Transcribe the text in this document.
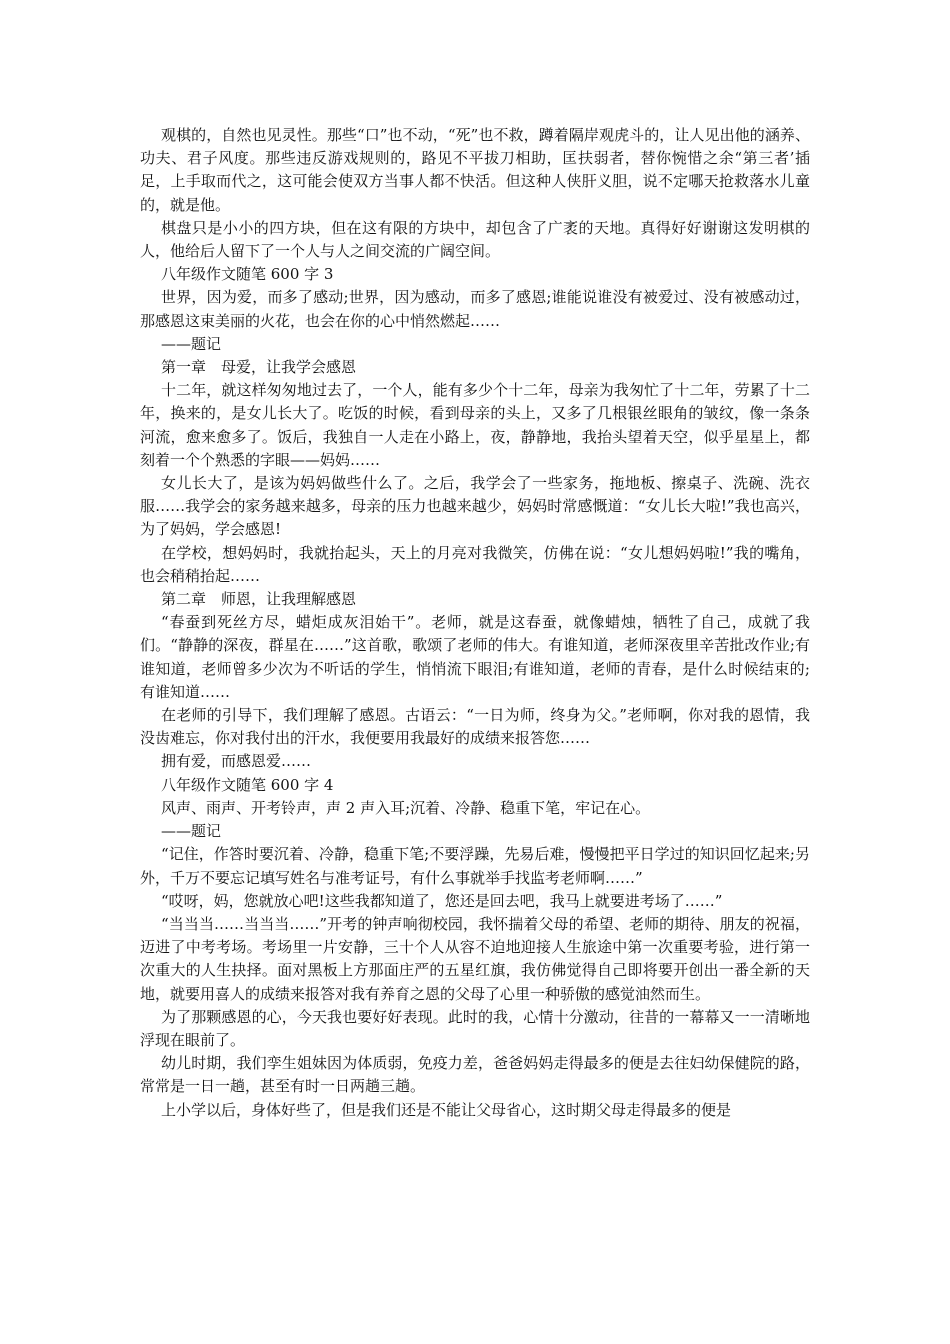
观棋的，自然也见灵性。那些“口”也不动，“死”也不救，蹲着隔岸观虎斗的，让人见出他的涵养、功夫、君子风度。那些违反游戏规则的，路见不平拔刀相助，匡扶弱者，替你惋惜之余“第三者’插足，上手取而代之，这可能会使双方当事人都不快活。但这种人侠肝义胆，说不定哪天抢救落水儿童的，就是他。

棋盘只是小小的四方块，但在这有限的方块中，却包含了广袤的天地。真得好好谢谢这发明棋的人，他给后人留下了一个人与人之间交流的广阔空间。

八年级作文随笔 600 字 3

世界，因为爱，而多了感动;世界，因为感动，而多了感恩;谁能说谁没有被爱过、没有被感动过，那感恩这束美丽的火花，也会在你的心中悄然燃起……

——题记

第一章　母爱，让我学会感恩

十二年，就这样匆匆地过去了，一个人，能有多少个十二年，母亲为我匆忙了十二年，劳累了十二年，换来的，是女儿长大了。吃饭的时候，看到母亲的头上，又多了几根银丝眼角的皱纹，像一条条河流，愈来愈多了。饭后，我独自一人走在小路上，夜，静静地，我抬头望着天空，似乎星星上，都刻着一个个熟悉的字眼——妈妈……

女儿长大了，是该为妈妈做些什么了。之后，我学会了一些家务，拖地板、擦桌子、洗碗、洗衣服……我学会的家务越来越多，母亲的压力也越来越少，妈妈时常感慨道：“女儿长大啦!”我也高兴，为了妈妈，学会感恩!

在学校，想妈妈时，我就抬起头，天上的月亮对我微笑，仿佛在说：“女儿想妈妈啦!”我的嘴角，也会稍稍抬起……

第二章　师恩，让我理解感恩

“春蚕到死丝方尽，蜡炬成灰泪始干”。老师，就是这春蚕，就像蜡烛，牺牲了自己，成就了我们。“静静的深夜，群星在……”这首歌，歌颂了老师的伟大。有谁知道，老师深夜里辛苦批改作业;有谁知道，老师曾多少次为不听话的学生，悄悄流下眼泪;有谁知道，老师的青春，是什么时候结束的;有谁知道……

在老师的引导下，我们理解了感恩。古语云：“一日为师，终身为父。”老师啊，你对我的恩情，我没齿难忘，你对我付出的汗水，我便要用我最好的成绩来报答您……

拥有爱，而感恩爱……

八年级作文随笔 600 字 4

风声、雨声、开考铃声，声 2 声入耳;沉着、冷静、稳重下笔，牢记在心。

——题记

“记住，作答时要沉着、冷静，稳重下笔;不要浮躁，先易后难，慢慢把平日学过的知识回忆起来;另外，千万不要忘记填写姓名与准考证号，有什么事就举手找监考老师啊……”

“哎呀，妈，您就放心吧!这些我都知道了，您还是回去吧，我马上就要进考场了……”

“当当当……当当当……”开考的钟声响彻校园，我怀揣着父母的希望、老师的期待、朋友的祝福，迈进了中考考场。考场里一片安静，三十个人从容不迫地迎接人生旅途中第一次重要考验，进行第一次重大的人生抉择。面对黑板上方那面庄严的五星红旗，我仿佛觉得自己即将要开创出一番全新的天地，就要用喜人的成绩来报答对我有养育之恩的父母了心里一种骄傲的感觉油然而生。

为了那颗感恩的心，今天我也要好好表现。此时的我，心情十分激动，往昔的一幕幕又一一清晰地浮现在眼前了。

幼儿时期，我们孪生姐妹因为体质弱，免疫力差，爸爸妈妈走得最多的便是去往妇幼保健院的路，常常是一日一趟，甚至有时一日两趟三趟。

上小学以后，身体好些了，但是我们还是不能让父母省心，这时期父母走得最多的便是
